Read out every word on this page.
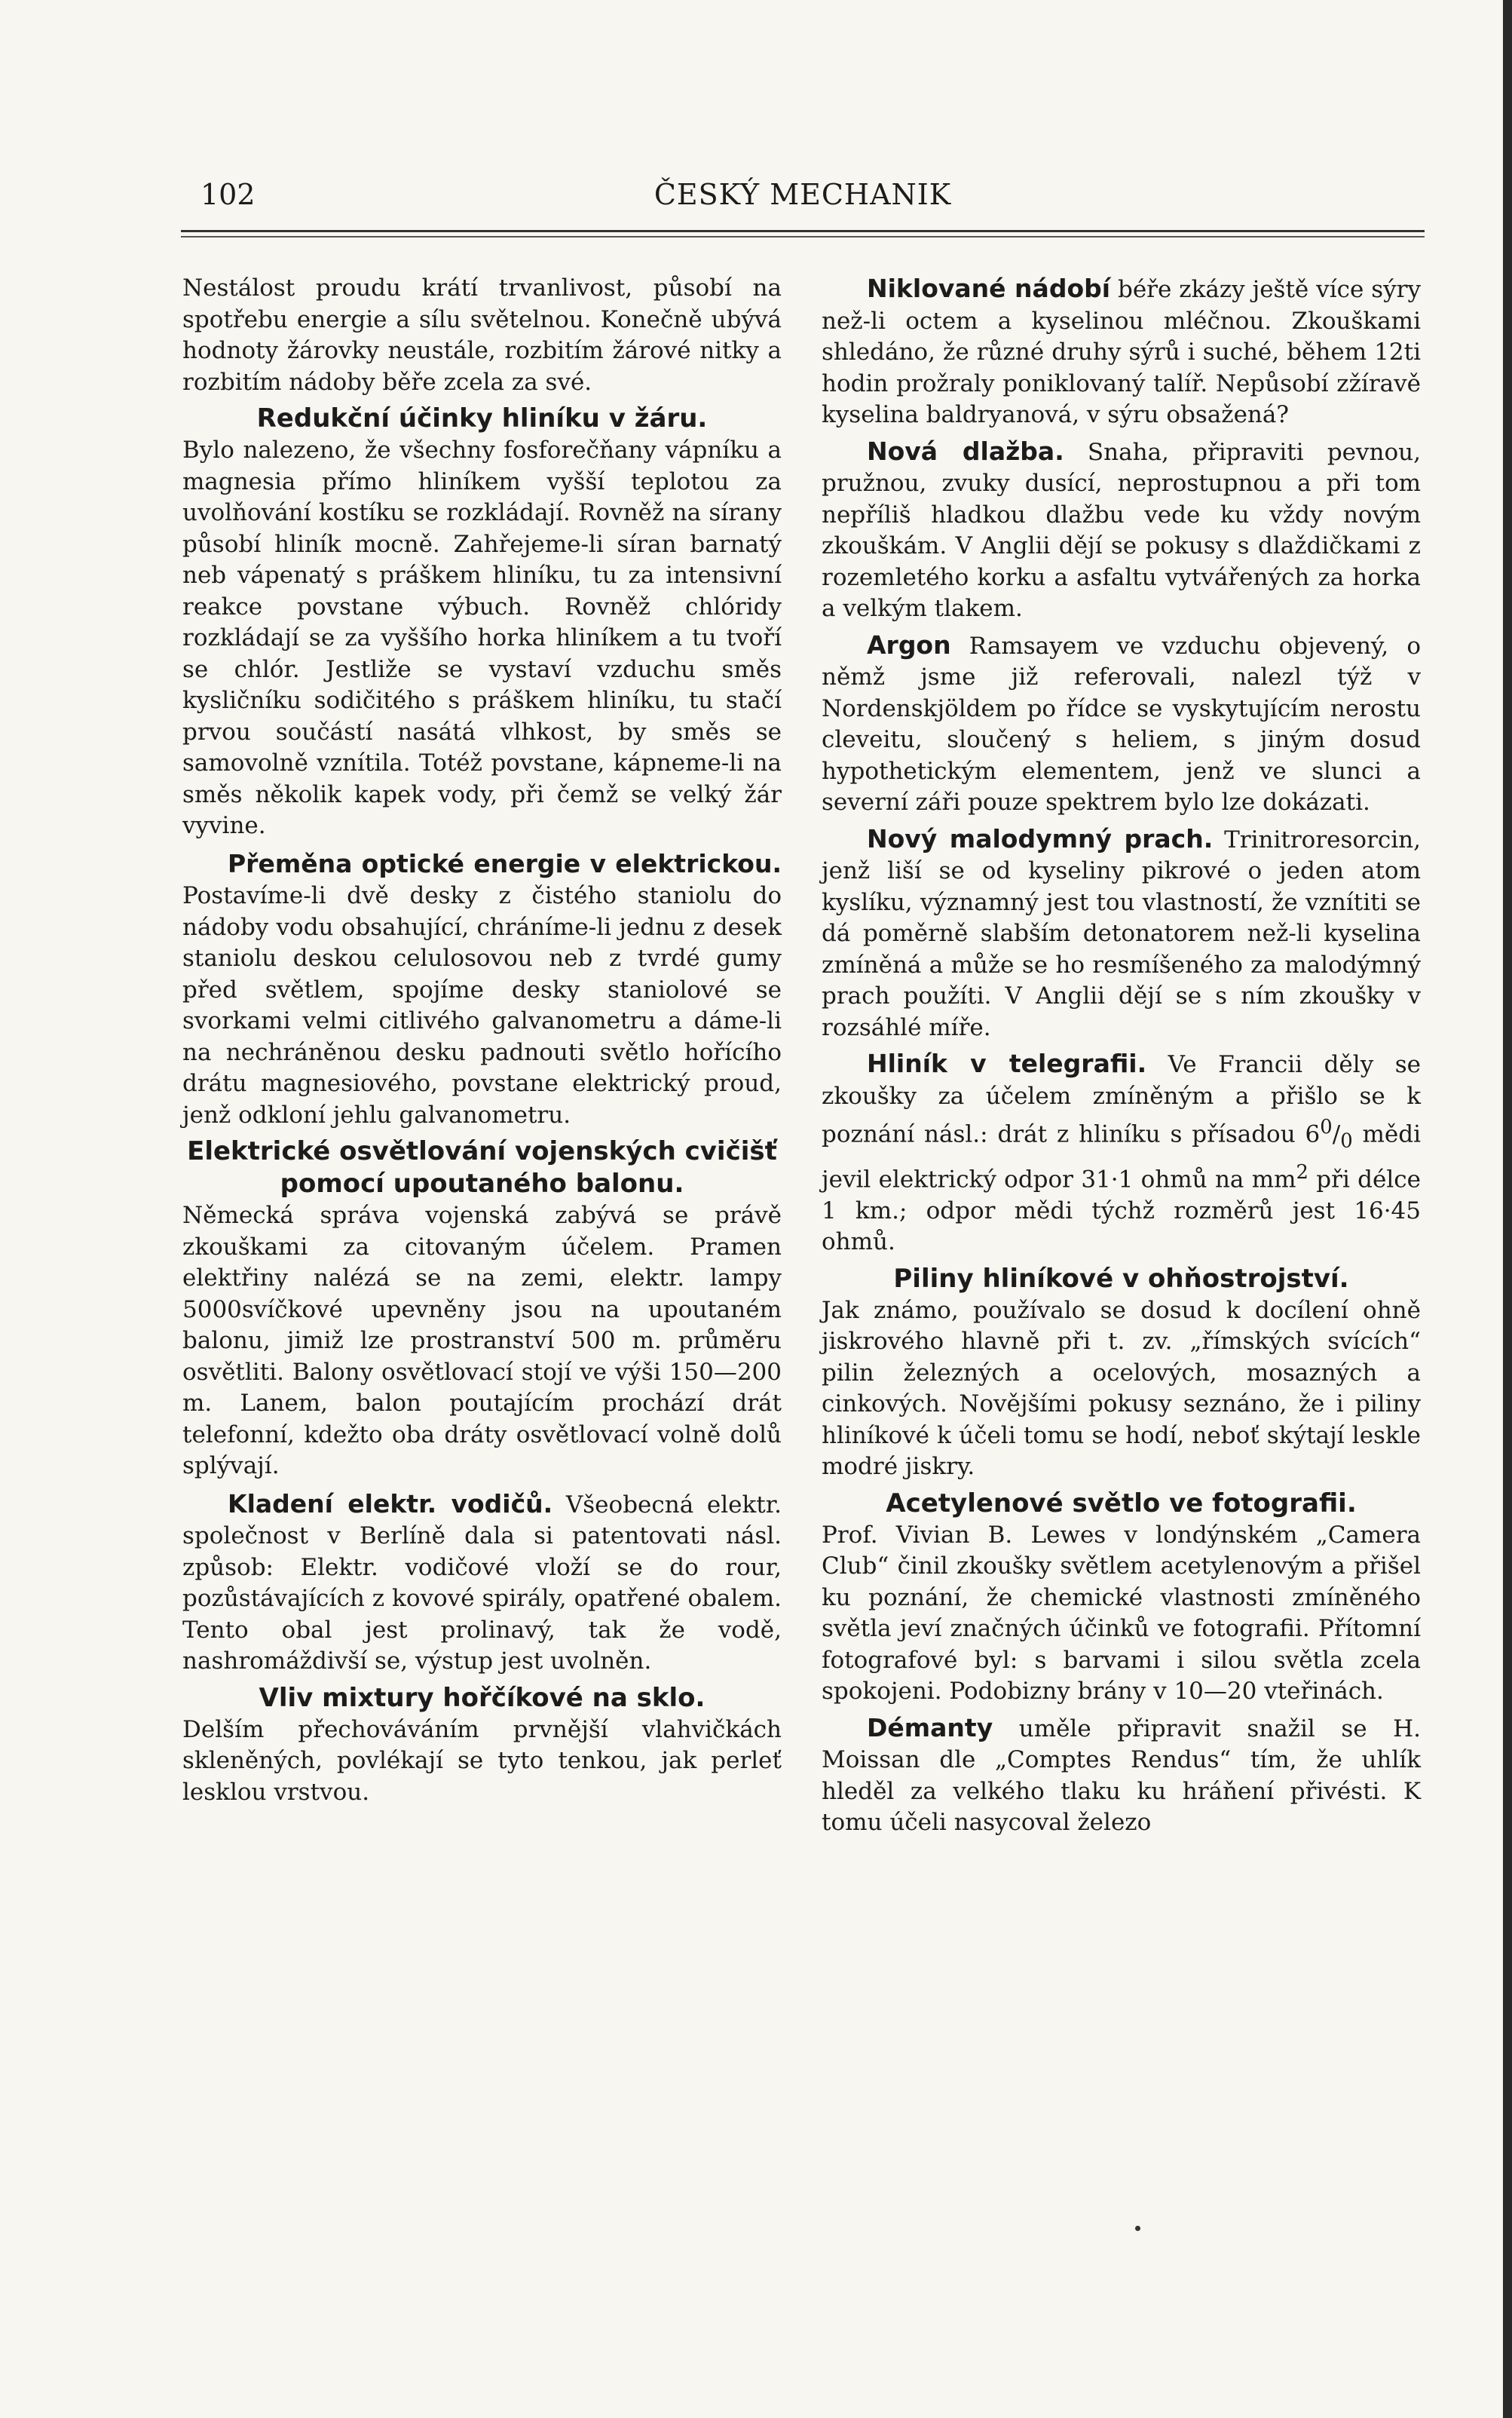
102	ČESKÝ MECHANIK

Nestálost proudu krátí trvanlivost, působí na spotřebu energie a sílu světelnou. Konečně ubývá hodnoty žárovky neustále, rozbitím žárové nitky a rozbitím nádoby běře zcela za své.

Redukční účinky hliníku v žáru.

Bylo nalezeno, že všechny fosforečňany vápníku a magnesia přímo hliníkem vyšší teplotou za uvolňování kostíku se rozkládají. Rovněž na sírany působí hliník mocně. Zahřejeme-li síran barnatý neb vápenatý s práškem hliníku, tu za intensivní reakce povstane výbuch. Rovněž chlóridy rozkládají se za vyššího horka hliníkem a tu tvoří se chlór. Jestliže se vystaví vzduchu směs kysličníku sodičitého s práškem hliníku, tu stačí prvou součástí nasátá vlhkost, by směs se samovolně vznítila. Totéž povstane, kápneme-li na směs několik kapek vody, při čemž se velký žár vyvine.

Přeměna optické energie v elektrickou. Postavíme-li dvě desky z čistého staniolu do nádoby vodu obsahující, chráníme-li jednu z desek staniolu deskou celulosovou neb z tvrdé gumy před světlem, spojíme desky staniolové se svorkami velmi citlivého galvanometru a dáme-li na nechráněnou desku padnouti světlo hořícího drátu magnesiového, povstane elektrický proud, jenž odkloní jehlu galvanometru.

Elektrické osvětlování vojenských cvičišť pomocí upoutaného balonu.

Německá správa vojenská zabývá se právě zkouškami za citovaným účelem. Pramen elektřiny nalézá se na zemi, elektr. lampy 5000svíčkové upevněny jsou na upoutaném balonu, jimiž lze prostranství 500 m. průměru osvětliti. Balony osvětlovací stojí ve výši 150—200 m. Lanem, balon poutajícím prochází drát telefonní, kdežto oba dráty osvětlovací volně dolů splývají.

Kladení elektr. vodičů. Všeobecná elektr. společnost v Berlíně dala si patentovati násl. způsob: Elektr. vodičové vloží se do rour, pozůstávajících z kovové spirály, opatřené obalem. Tento obal jest prolinavý, tak že vodě, nashromáždivší se, výstup jest uvolněn.

Vliv mixtury hořčíkové na sklo.

Delším přechováváním prvnější vlahvičkách skleněných, povlékají se tyto tenkou, jak perleť lesklou vrstvou.

Niklované nádobí béře zkázy ještě více sýry než-li octem a kyselinou mléčnou. Zkouškami shledáno, že různé druhy sýrů i suché, během 12ti hodin prožraly poniklovaný talíř. Nepůsobí zžíravě kyselina baldryanová, v sýru obsažená?

Nová dlažba. Snaha, připraviti pevnou, pružnou, zvuky dusící, neprostupnou a při tom nepříliš hladkou dlažbu vede ku vždy novým zkouškám. V Anglii dějí se pokusy s dlaždičkami z rozemletého korku a asfaltu vytvářených za horka a velkým tlakem.

Argon Ramsayem ve vzduchu objevený, o němž jsme již referovali, nalezl týž v Nordenskjöldem po řídce se vyskytujícím nerostu cleveitu, sloučený s heliem, s jiným dosud hypothetickým elementem, jenž ve slunci a severní záři pouze spektrem bylo lze dokázati.

Nový malodymný prach. Trinitroresorcin, jenž liší se od kyseliny pikrové o jeden atom kyslíku, významný jest tou vlastností, že vznítiti se dá poměrně slabším detonatorem než-li kyselina zmíněná a může se ho resmíšeného za malodýmný prach použíti. V Anglii dějí se s ním zkoušky v rozsáhlé míře.

Hliník v telegrafii. Ve Francii děly se zkoušky za účelem zmíněným a přišlo se k poznání násl.: drát z hliníku s přísadou $6^0/_0$ mědi jevil elektrický odpor 31·1 ohmů na $mm^2$ při délce 1 km.; odpor mědi týchž rozměrů jest 16·45 ohmů.

Piliny hliníkové v ohňostrojství.

Jak známo, používalo se dosud k docílení ohně jiskrového hlavně při t. zv. „římských svících“ pilin železných a ocelových, mosazných a cinkových. Novějšími pokusy seznáno, že i piliny hliníkové k účeli tomu se hodí, neboť skýtají leskle modré jiskry.

Acetylenové světlo ve fotografii.

Prof. Vivian B. Lewes v londýnském „Camera Club“ činil zkoušky světlem acetylenovým a přišel ku poznání, že chemické vlastnosti zmíněného světla jeví značných účinků ve fotografii. Přítomní fotografové byl: s barvami i silou světla zcela spokojeni. Podobizny brány v 10—20 vteřinách.

Démanty uměle připravit snažil se H. Moissan dle „Comptes Rendus“ tím, že uhlík hleděl za velkého tlaku ku hráňení přivésti. K tomu účeli nasycoval železo
